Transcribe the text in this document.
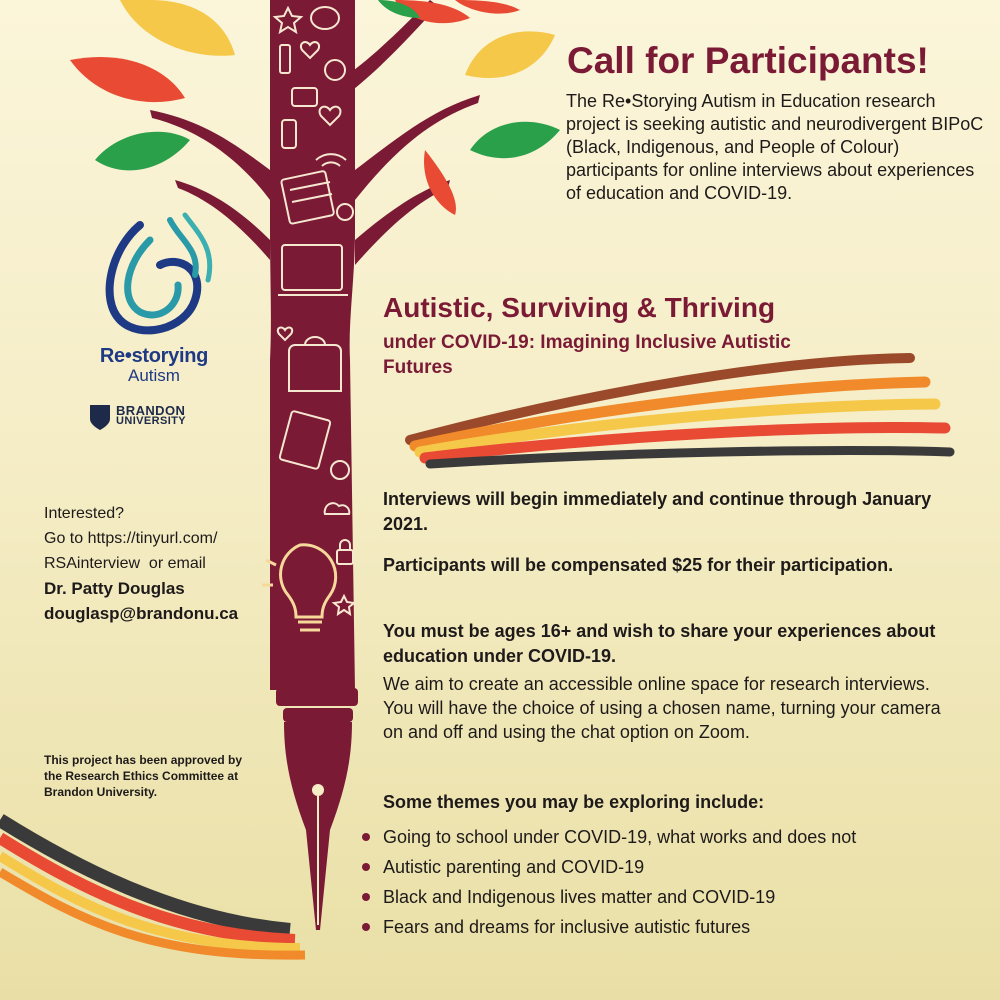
Call for Participants!

The Re•Storying Autism in Education research project is seeking autistic and neurodivergent BIPoC (Black, Indigenous, and People of Colour) participants for online interviews about experiences of education and COVID-19.

Autistic, Surviving & Thriving
under COVID-19: Imagining Inclusive Autistic Futures

Interviews will begin immediately and continue through January 2021.

Participants will be compensated $25 for their participation.

You must be ages 16+ and wish to share your experiences about education under COVID-19.

We aim to create an accessible online space for research interviews. You will have the choice of using a chosen name, turning your camera on and off and using the chat option on Zoom.

Some themes you may be exploring include:

Going to school under COVID-19, what works and does not
Autistic parenting and COVID-19
Black and Indigenous lives matter and COVID-19
Fears and dreams for inclusive autistic futures
Interested?
Go to https://tinyurl.com/
RSAinterview  or email
Dr. Patty Douglas
douglasp@brandonu.ca
This project has been approved by the Research Ethics Committee at Brandon University.
Re•storying
Autism
BRANDON
UNIVERSITY
